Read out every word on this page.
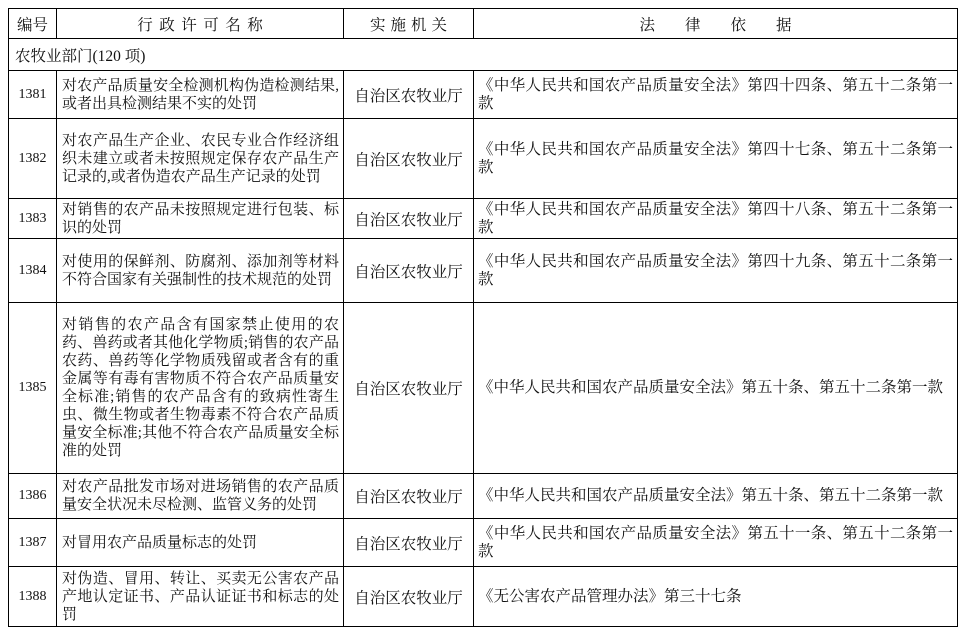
编号	行政许可名称	实施机关	法律依据
农牧业部门(120 项)			
1381	对农产品质量安全检测机构伪造检测结果,或者出具检测结果不实的处罚	自治区农牧业厅	《中华人民共和国农产品质量安全法》第四十四条、第五十二条第一款
1382	对农产品生产企业、农民专业合作经济组织未建立或者未按照规定保存农产品生产记录的,或者伪造农产品生产记录的处罚	自治区农牧业厅	《中华人民共和国农产品质量安全法》第四十七条、第五十二条第一款
1383	对销售的农产品未按照规定进行包装、标识的处罚	自治区农牧业厅	《中华人民共和国农产品质量安全法》第四十八条、第五十二条第一款
1384	对使用的保鲜剂、防腐剂、添加剂等材料不符合国家有关强制性的技术规范的处罚	自治区农牧业厅	《中华人民共和国农产品质量安全法》第四十九条、第五十二条第一款
1385	对销售的农产品含有国家禁止使用的农药、兽药或者其他化学物质;销售的农产品农药、兽药等化学物质残留或者含有的重金属等有毒有害物质不符合农产品质量安全标准;销售的农产品含有的致病性寄生虫、微生物或者生物毒素不符合农产品质量安全标准;其他不符合农产品质量安全标准的处罚	自治区农牧业厅	《中华人民共和国农产品质量安全法》第五十条、第五十二条第一款
1386	对农产品批发市场对进场销售的农产品质量安全状况未尽检测、监管义务的处罚	自治区农牧业厅	《中华人民共和国农产品质量安全法》第五十条、第五十二条第一款
1387	对冒用农产品质量标志的处罚	自治区农牧业厅	《中华人民共和国农产品质量安全法》第五十一条、第五十二条第一款
1388	对伪造、冒用、转让、买卖无公害农产品产地认定证书、产品认证证书和标志的处罚	自治区农牧业厅	《无公害农产品管理办法》第三十七条
